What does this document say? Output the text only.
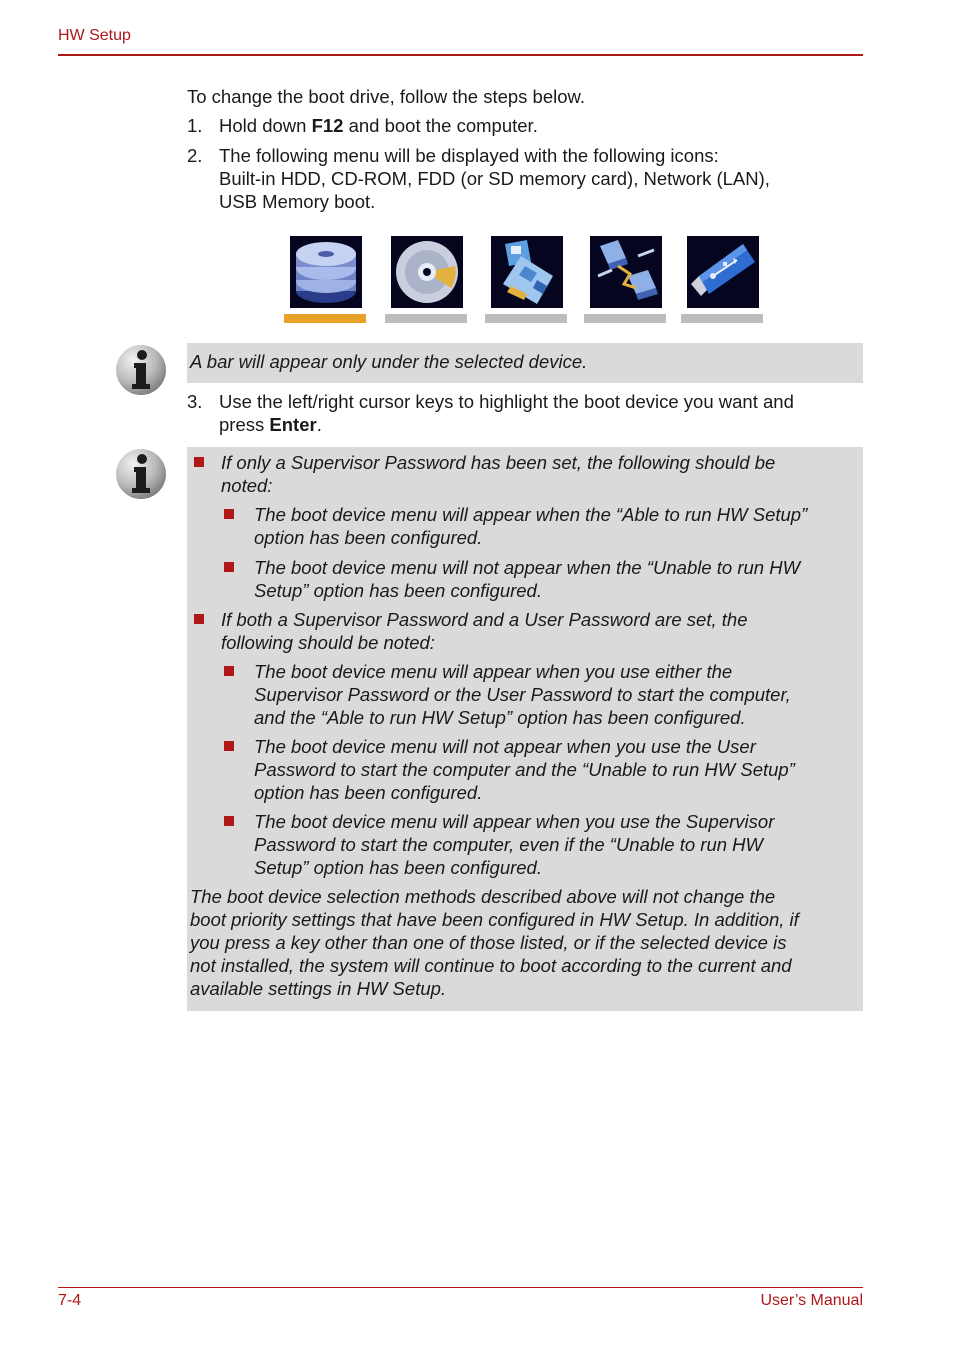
HW Setup
To change the boot drive, follow the steps below.
1. Hold down F12 and boot the computer.
2. The following menu will be displayed with the following icons:
Built-in HDD, CD-ROM, FDD (or SD memory card), Network (LAN),
USB Memory boot.
A bar will appear only under the selected device.
3. Use the left/right cursor keys to highlight the boot device you want and
press Enter.
If only a Supervisor Password has been set, the following should be
noted:
The boot device menu will appear when the “Able to run HW Setup”
option has been configured.
The boot device menu will not appear when the “Unable to run HW
Setup” option has been configured.
If both a Supervisor Password and a User Password are set, the
following should be noted:
The boot device menu will appear when you use either the
Supervisor Password or the User Password to start the computer,
and the “Able to run HW Setup” option has been configured.
The boot device menu will not appear when you use the User
Password to start the computer and the “Unable to run HW Setup”
option has been configured.
The boot device menu will appear when you use the Supervisor
Password to start the computer, even if the “Unable to run HW
Setup” option has been configured.
The boot device selection methods described above will not change the
boot priority settings that have been configured in HW Setup. In addition, if
you press a key other than one of those listed, or if the selected device is
not installed, the system will continue to boot according to the current and
available settings in HW Setup.
7-4	User’s Manual
